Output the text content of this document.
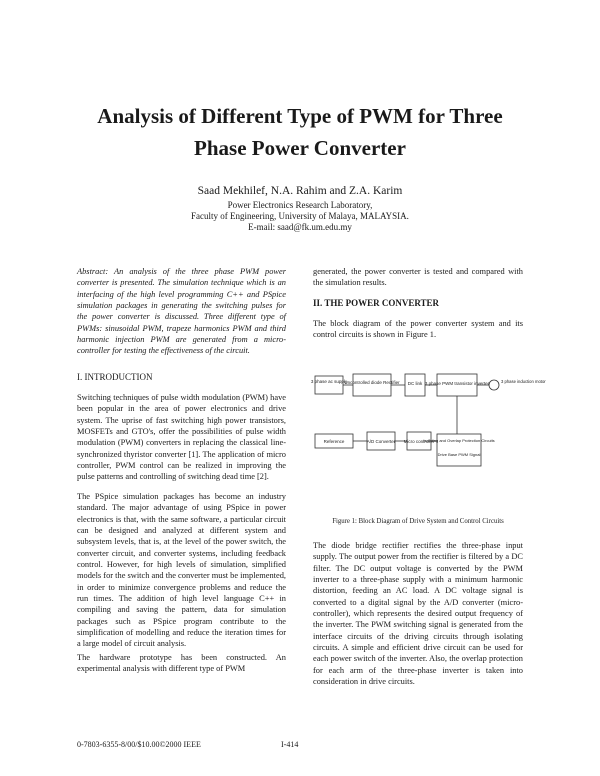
Analysis of Different Type of PWM for Three
Phase Power Converter
Saad Mekhilef, N.A. Rahim and Z.A. Karim
Power Electronics Research Laboratory,
Faculty of Engineering, University of Malaya, MALAYSIA.
E-mail: saad@fk.um.edu.my

Abstract: An analysis of the three phase PWM power converter is presented. The simulation technique which is an interfacing of the high level programming C++ and PSpice simulation packages in generating the switching pulses for the power converter is discussed. Three different type of PWMs: sinusoidal PWM, trapeze harmonics PWM and third harmonic injection PWM are generated from a micro-controller for testing the effectiveness of the circuit.

I. INTRODUCTION

Switching techniques of pulse width modulation (PWM) have been popular in the area of power electronics and drive system. The uprise of fast switching high power transistors, MOSFETs and GTO's, offer the possibilities of pulse width modulation (PWM) converters in replacing the classical line-synchronized thyristor converter [1]. The application of micro controller, PWM control can be realized in improving the pulse patterns and controlling of switching dead time [2].

The PSpice simulation packages has become an industry standard. The major advantage of using PSpice in power electronics is that, with the same software, a particular circuit can be designed and analyzed at different system and subsystem levels, that is, at the level of the power switch, the converter circuit, and converter systems, including feedback control. However, for high levels of simulation, simplified models for the switch and the converter must be implemented, in order to minimize convergence problems and reduce the run times. The addition of high level language C++ in compiling and saving the pattern, data for simulation packages such as PSpice program contribute to the simplification of modelling and reduce the iteration times for a large model of circuit analysis.

The hardware prototype has been constructed. An experimental analysis with different type of PWM

generated, the power converter is tested and compared with the simulation results.

II. THE POWER CONVERTER

The block diagram of the power converter system and its control circuits is shown in Figure 1.

3 phase ac supply
Uncontrolled diode Rectifier DC link 3 phase PWM transistor inverter	3 phase induction motor
Reference	A/D Converter Micro controller
Isolating and Overlap Protection Circuits
Drive Base PWM Signal
Figure 1: Block Diagram of Drive System and Control Circuits

The diode bridge rectifier rectifies the three-phase input supply. The output power from the rectifier is filtered by a DC filter. The DC output voltage is converted by the PWM inverter to a three-phase supply with a minimum harmonic distortion, feeding an AC load. A DC voltage signal is converted to a digital signal by the A/D converter (micro-controller), which represents the desired output frequency of the inverter. The PWM switching signal is generated from the interface circuits of the driving circuits through isolating circuits. A simple and efficient drive circuit can be used for each power switch of the inverter. Also, the overlap protection for each arm of the three-phase inverter is taken into consideration in drive circuits.

0-7803-6355-8/00/$10.00©2000 IEEE	I-414
